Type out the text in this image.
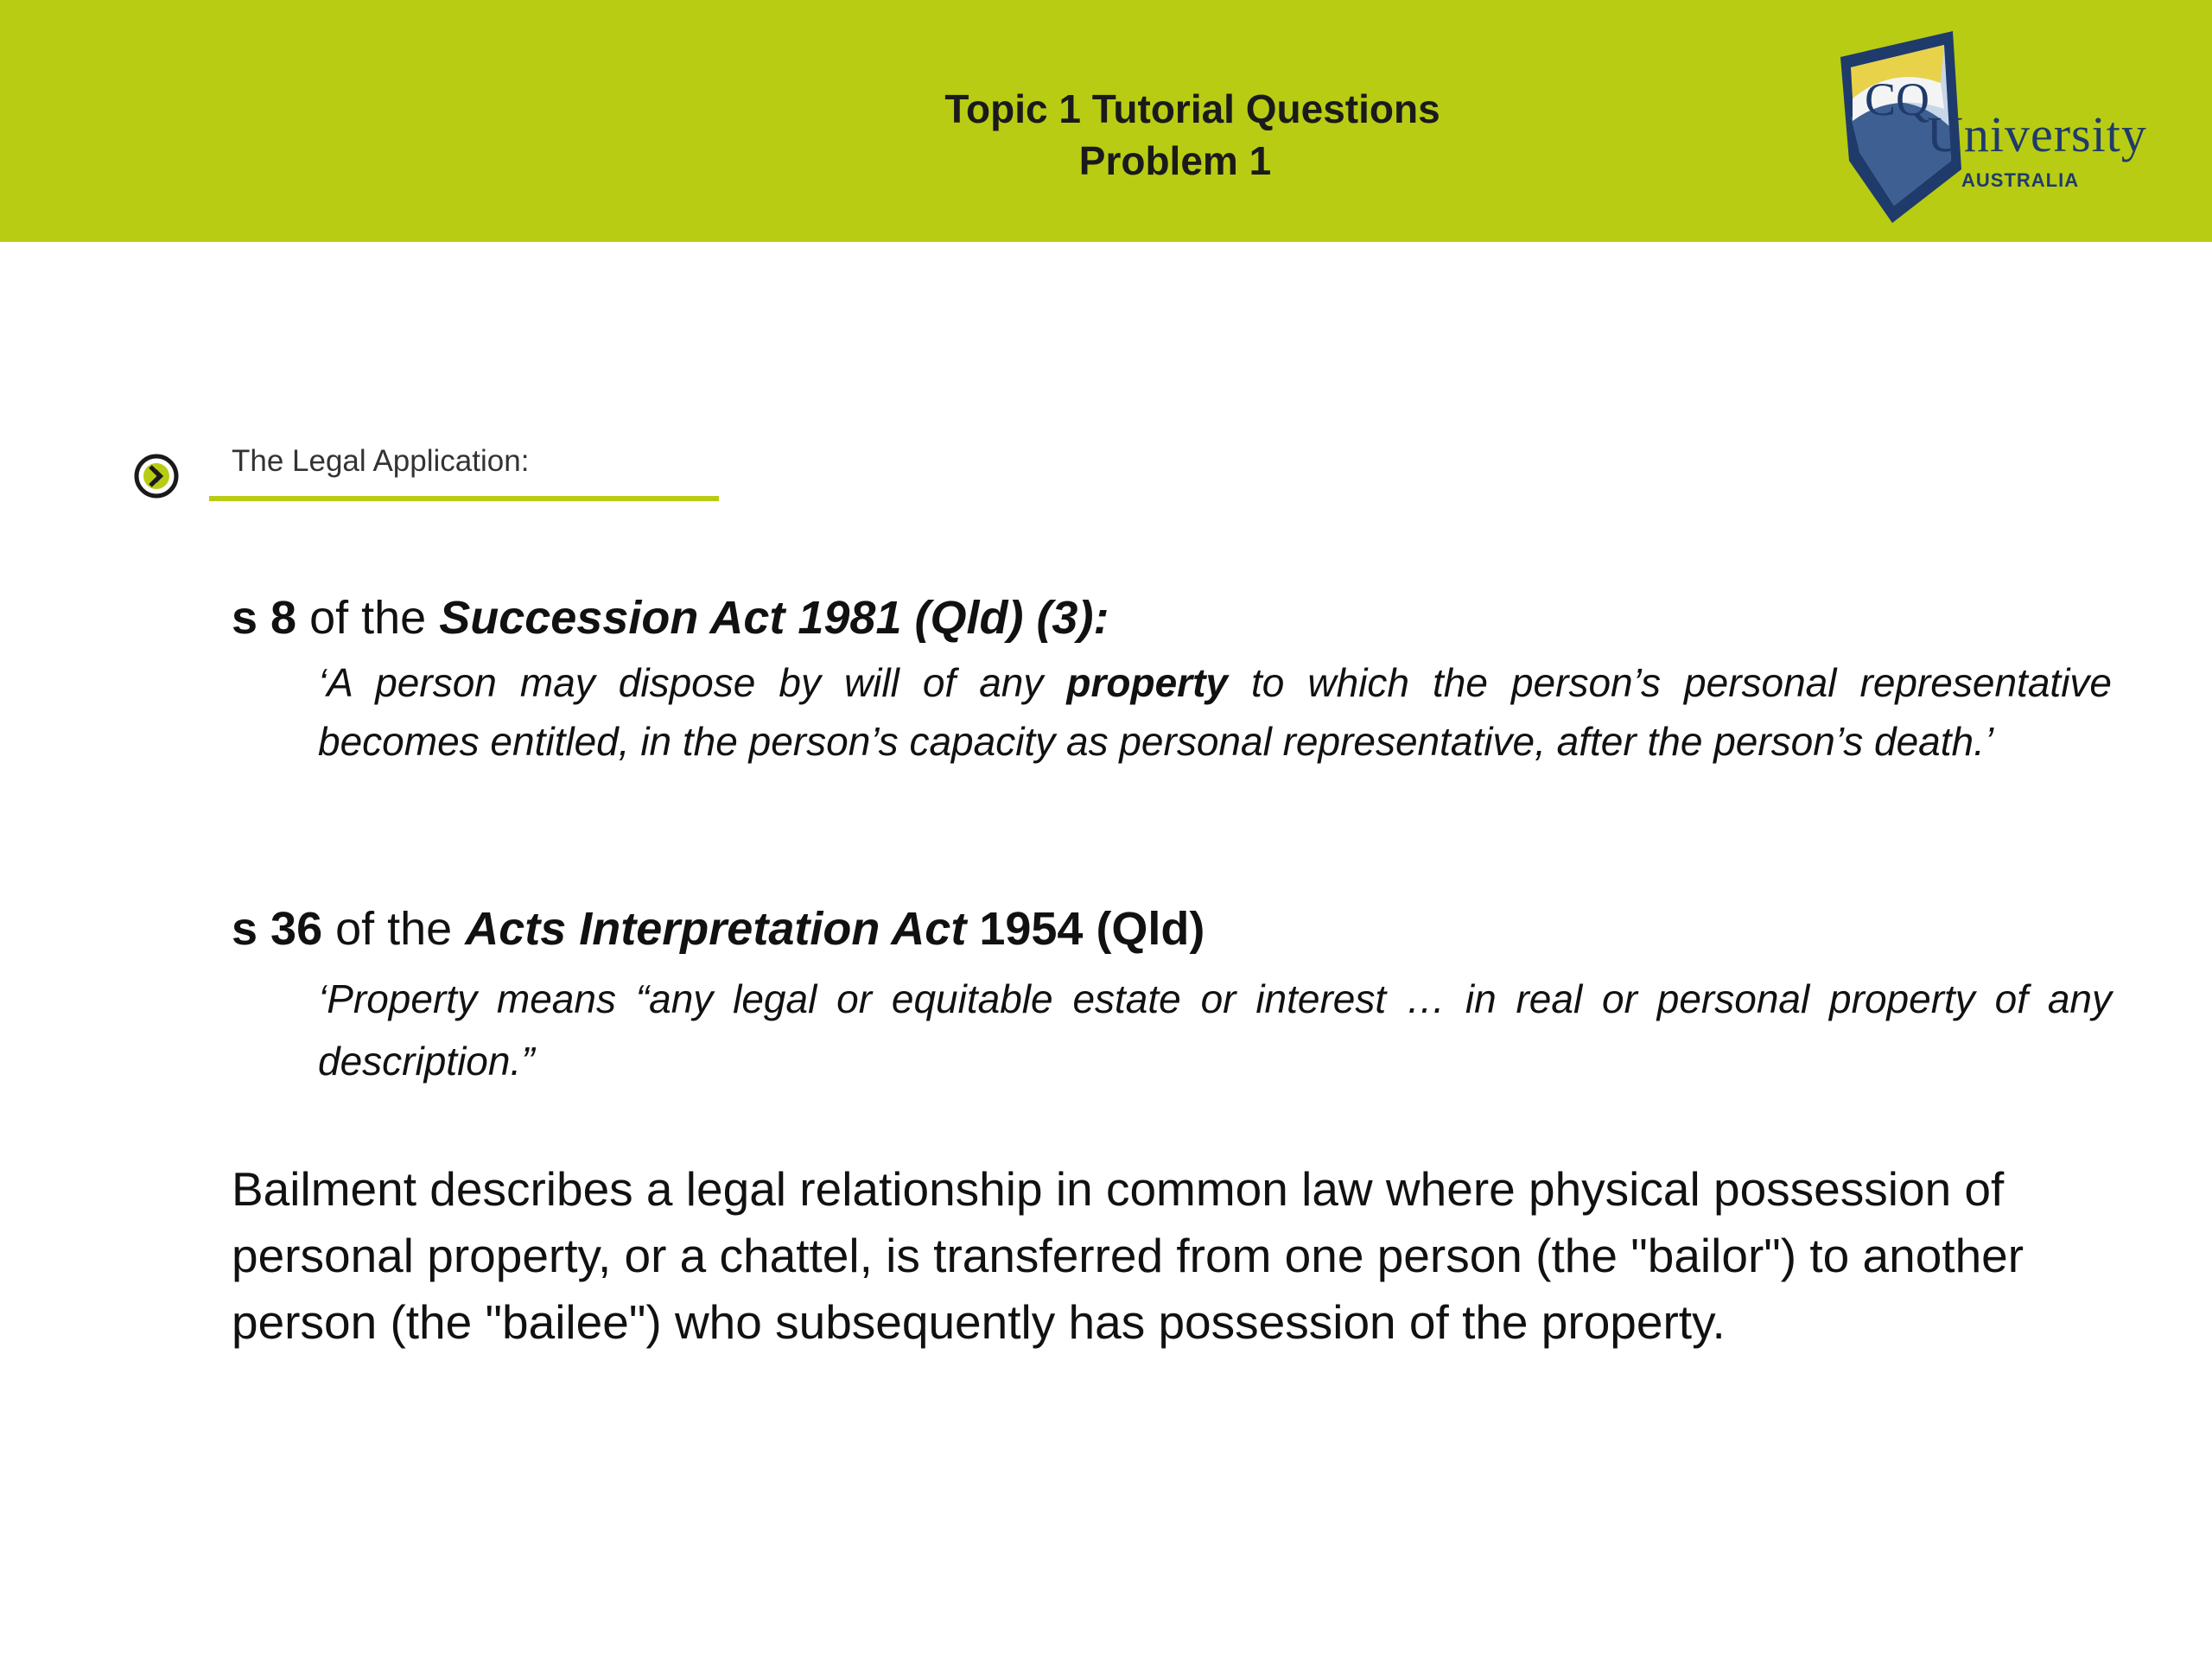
Topic 1 Tutorial Questions
Problem 1
CQ
University
AUSTRALIA
The Legal Application:
s 8 of the Succession Act 1981 (Qld) (3):
‘A person may dispose by will of any property to which the person’s personal representative becomes entitled, in the person’s capacity as personal representative, after the person’s death.’
s 36 of the Acts Interpretation Act 1954 (Qld)
‘Property means “any legal or equitable estate or interest … in real or personal property of any description.”
Bailment describes a legal relationship in common law where physical possession of personal property, or a chattel, is transferred from one person (the "bailor") to another person (the "bailee") who subsequently has possession of the property.
